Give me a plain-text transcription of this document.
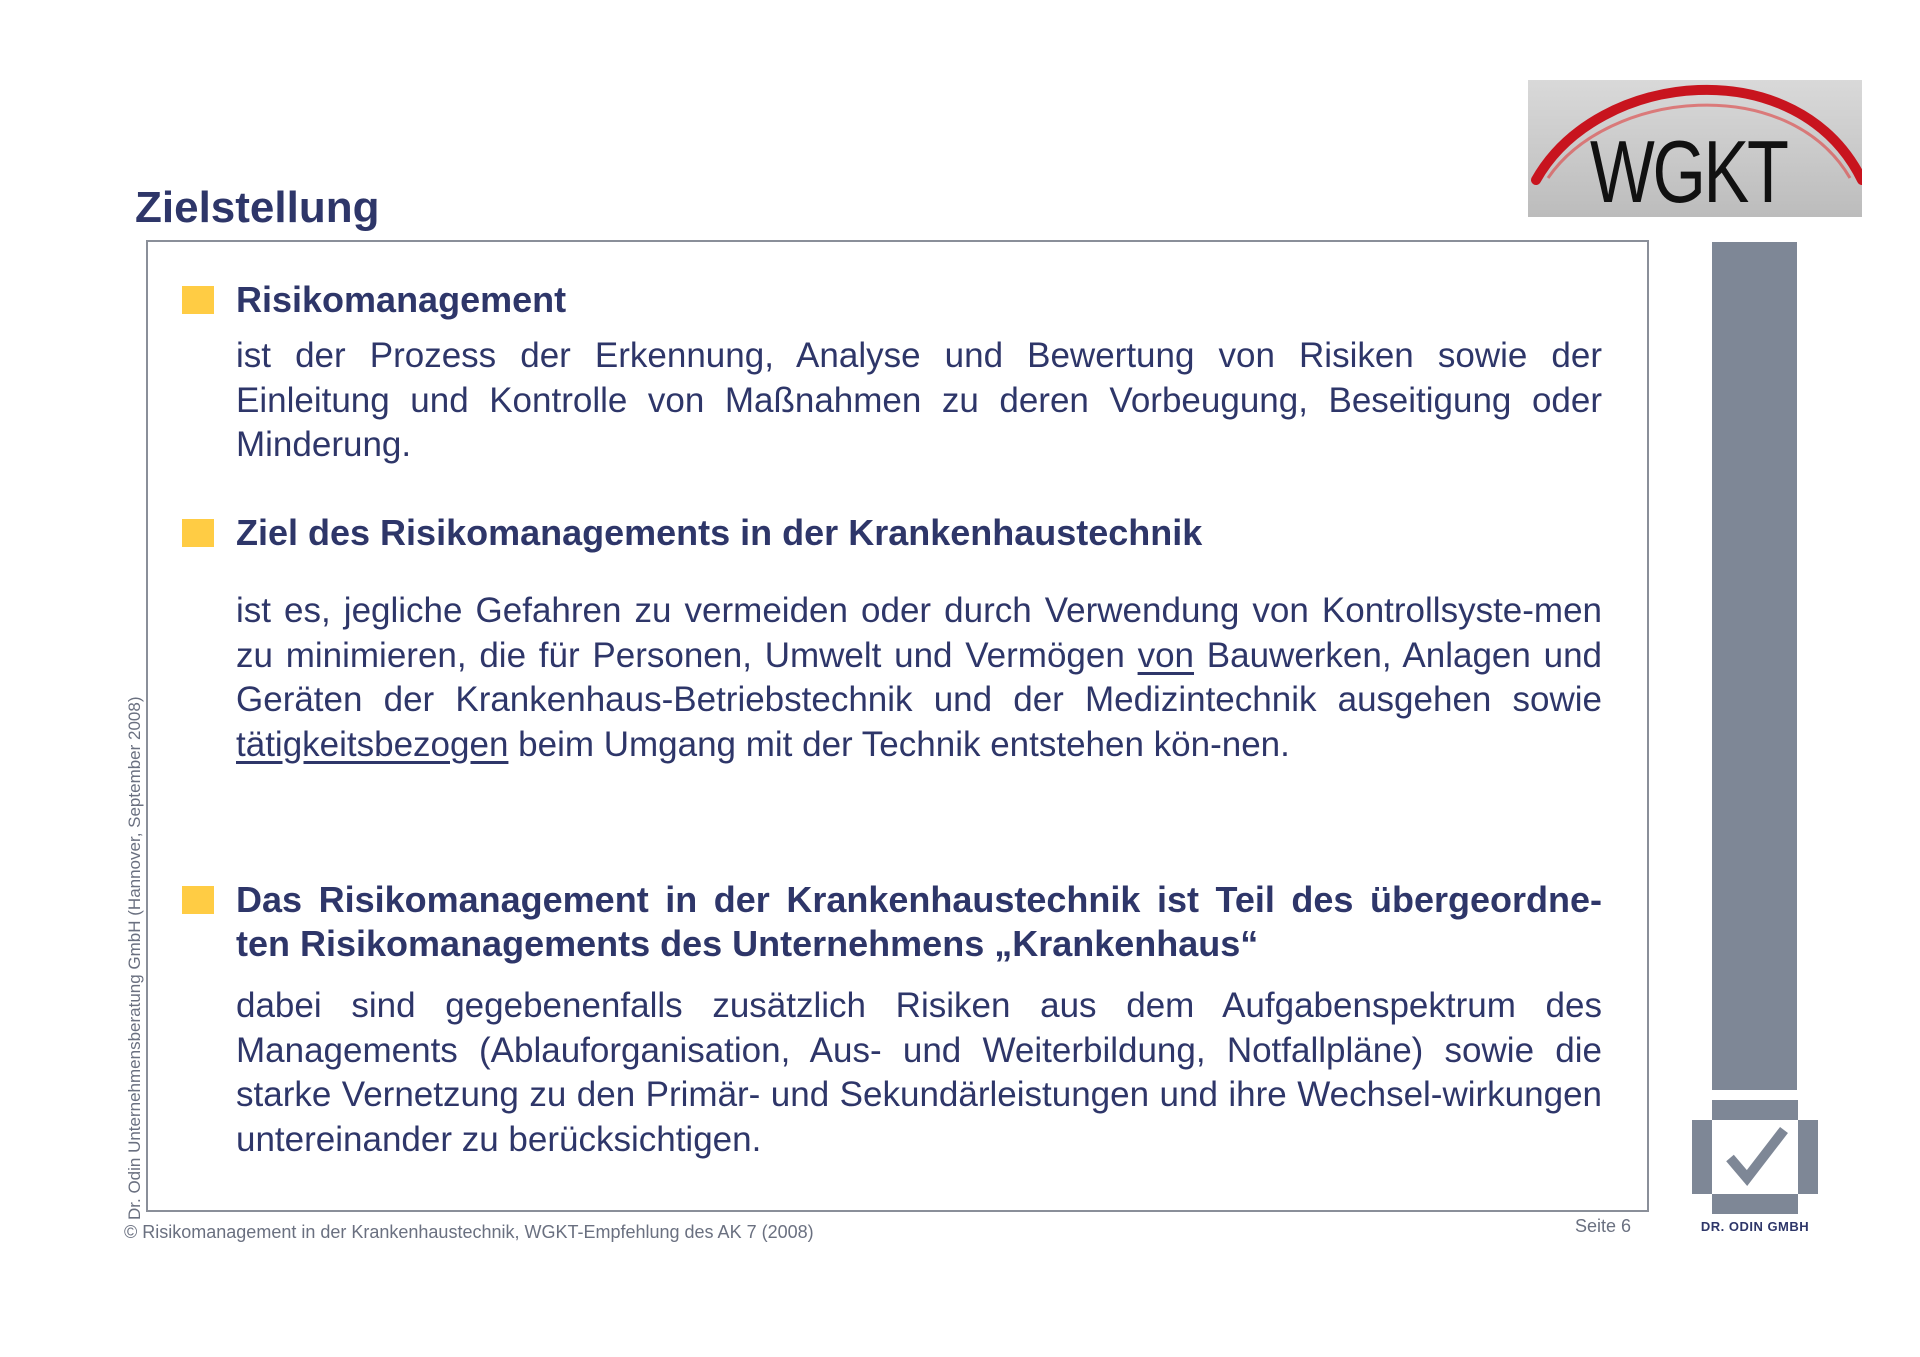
WGKT
Zielstellung

Risikomanagement

ist der Prozess der Erkennung, Analyse und Bewertung von Risiken sowie der Einleitung und Kontrolle von Maßnahmen zu deren Vorbeugung, Beseitigung oder Minderung.

Ziel des Risikomanagements in der Krankenhaustechnik

ist es, jegliche Gefahren zu vermeiden oder durch Verwendung von Kontrollsyste-men zu minimieren, die für Personen, Umwelt und Vermögen von Bauwerken, Anlagen und Geräten der Krankenhaus-Betriebstechnik und der Medizintechnik ausgehen sowie tätigkeitsbezogen beim Umgang mit der Technik entstehen kön-nen.

Das Risikomanagement in der Krankenhaustechnik ist Teil des übergeordne-ten Risikomanagements des Unternehmens „Krankenhaus“

dabei sind gegebenenfalls zusätzlich Risiken aus dem Aufgabenspektrum des Managements (Ablauforganisation, Aus- und Weiterbildung, Notfallpläne) sowie die starke Vernetzung zu den Primär- und Sekundärleistungen und ihre Wechsel-wirkungen untereinander zu berücksichtigen.

DR. ODIN GMBH
Dr. Odin Unternehmensberatung GmbH (Hannover, September 2008)
© Risikomanagement in der Krankenhaustechnik, WGKT-Empfehlung des AK 7 (2008)	Seite 6
